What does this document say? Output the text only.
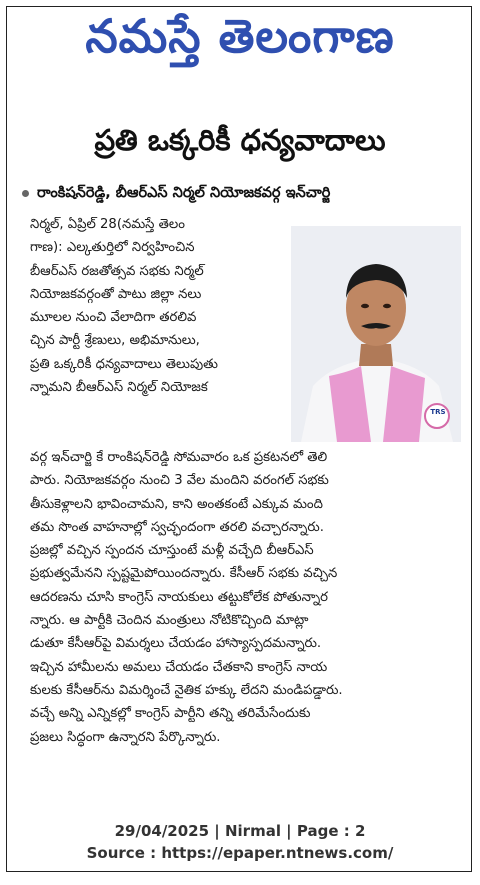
నమస్తే తెలంగాణ
ప్రతి ఒక్కరికీ ధన్యవాదాలు
రాంకిషన్‌రెడ్డి, బీఆర్‌ఎస్‌ నిర్మల్‌ నియోజకవర్గ ఇన్‌చార్జి
నిర్మల్‌, ఏప్రిల్‌ 28(నమస్తే తెలం
గాణ): ఎల్కతుర్తిలో నిర్వహించిన
బీఆర్‌ఎస్‌ రజతోత్సవ సభకు నిర్మల్‌
నియోజకవర్గంతో పాటు జిల్లా నలు
మూలల నుంచి వేలాదిగా తరలివ
చ్చిన పార్టీ శ్రేణులు, అభిమానులు,
ప్రతి ఒక్కరికీ ధన్యవాదాలు తెలుపుతు
న్నామని బీఆర్‌ఎస్‌ నిర్మల్‌ నియోజక
TRS
వర్గ ఇన్‌చార్జి కే రాంకిషన్‌రెడ్డి సోమవారం ఒక ప్రకటనలో తెలి
పారు. నియోజకవర్గం నుంచి 3 వేల మందిని వరంగల్‌ సభకు
తీసుకెళ్లాలని భావించామని, కాని అంతకంటే ఎక్కువ మంది
తమ సొంత వాహనాల్లో స్వచ్ఛందంగా తరలి వచ్చారన్నారు.
ప్రజల్లో వచ్చిన స్పందన చూస్తుంటే మళ్లీ వచ్చేది బీఆర్‌ఎస్‌
ప్రభుత్వమేనని స్పష్టమైపోయిందన్నారు. కేసీఆర్‌ సభకు వచ్చిన
ఆదరణను చూసి కాంగ్రెస్‌ నాయకులు తట్టుకోలేక పోతున్నార
న్నారు. ఆ పార్టీకి చెందిన మంత్రులు నోటికొచ్చింది మాట్లా
డుతూ కేసీఆర్‌పై విమర్శలు చేయడం హాస్యాస్పదమన్నారు.
ఇచ్చిన హామీలను అమలు చేయడం చేతకాని కాంగ్రెస్‌ నాయ
కులకు కేసీఆర్‌ను విమర్శించే నైతిక హక్కు లేదని మండిపడ్డారు.
వచ్చే అన్ని ఎన్నికల్లో కాంగ్రెస్‌ పార్టీని తన్ని తరిమేసేందుకు
ప్రజలు సిద్ధంగా ఉన్నారని పేర్కొన్నారు.
29/04/2025 | Nirmal | Page : 2
Source : https://epaper.ntnews.com/
